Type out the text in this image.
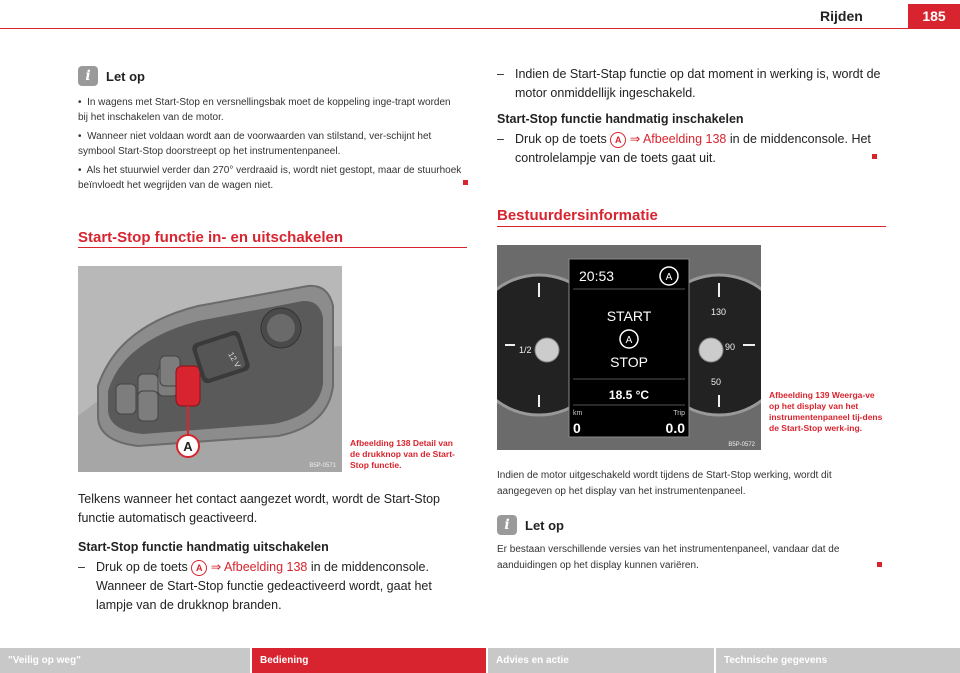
Rijden	185
i	Let op

•  In wagens met Start-Stop en versnellingsbak moet de koppeling inge-trapt worden bij het inschakelen van de motor.

•  Wanneer niet voldaan wordt aan de voorwaarden van stilstand, ver-schijnt het symbool Start-Stop doorstreept op het instrumentenpaneel.

•  Als het stuurwiel verder dan 270° verdraaid is, wordt niet gestopt, maar de stuurhoek beïnvloedt het wegrijden van de wagen niet.

Start-Stop functie in- en uitschakelen
12 V
A
B5P-0571
Afbeelding 138 Detail van de drukknop van de Start-Stop functie.
Telkens wanneer het contact aangezet wordt, wordt de Start-Stop functie automatisch geactiveerd.
Start-Stop functie handmatig uitschakelen
– Druk op de toets A ⇒ Afbeelding 138 in de middenconsole. Wanneer de Start-Stop functie gedeactiveerd wordt, gaat het lampje van de drukknop branden.
– Indien de Start-Stap functie op dat moment in werking is, wordt de motor onmiddellijk ingeschakeld.
Start-Stop functie handmatig inschakelen
– Druk op de toets A ⇒ Afbeelding 138 in de middenconsole. Het controlelampje van de toets gaat uit.
Bestuurdersinformatie
1/2
130
90
50
20:53	A
START
A
STOP
18.5 °C
km	Trip
0	0.0
B5P-0572
Afbeelding 139 Weerga-ve op het display van het instrumentenpaneel tij-dens de Start-Stop werk-ing.
Indien de motor uitgeschakeld wordt tijdens de Start-Stop werking, wordt dit aangegeven op het display van het instrumentenpaneel.
i	Let op
Er bestaan verschillende versies van het instrumentenpaneel, vandaar dat de aanduidingen op het display kunnen variëren.
"Veilig op weg"	Bediening	Advies en actie	Technische gegevens
